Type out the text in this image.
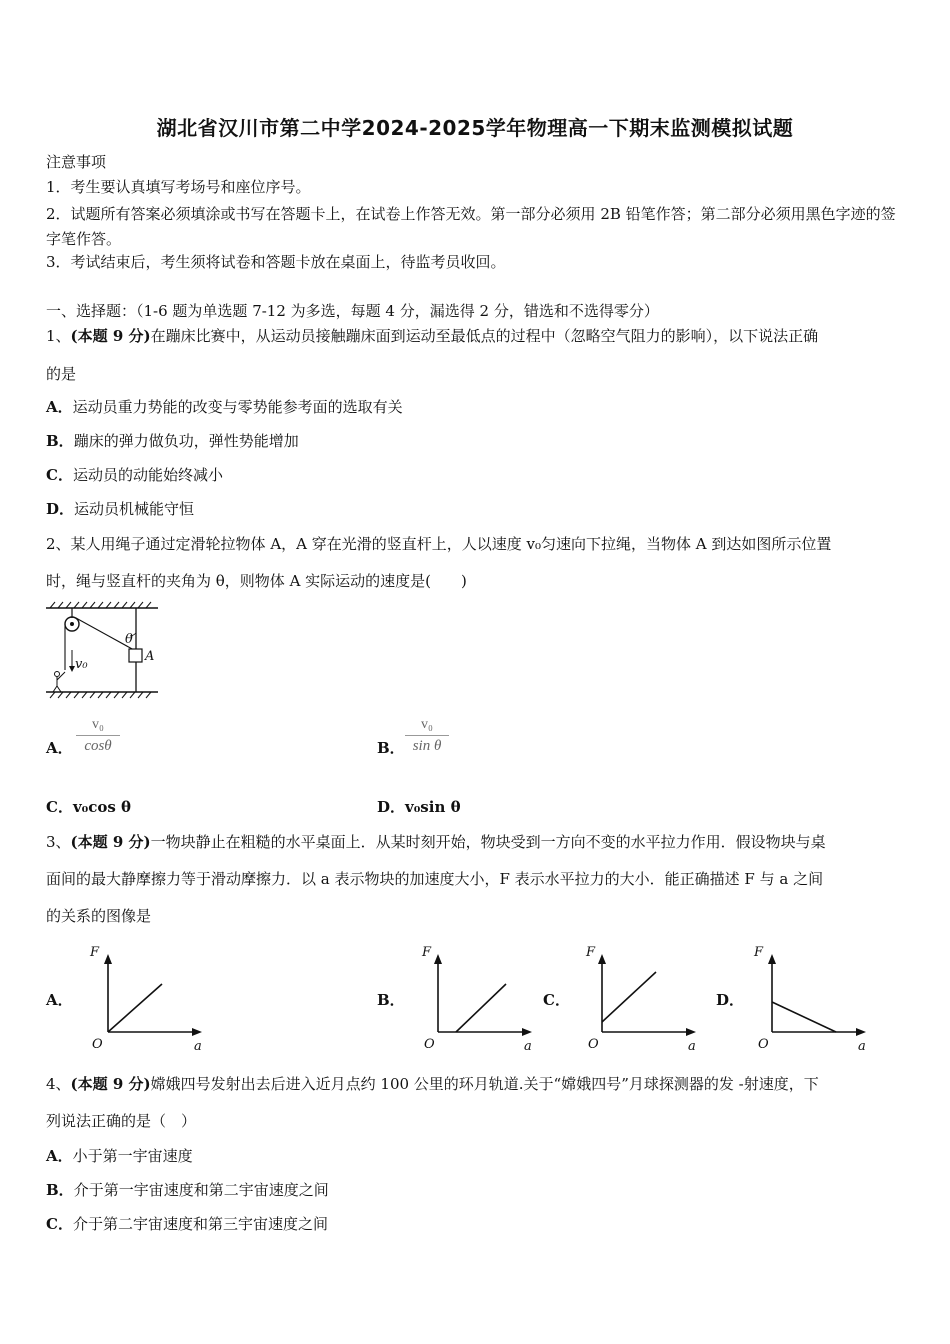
湖北省汉川市第二中学2024-2025学年物理高一下期末监测模拟试题
注意事项
1．考生要认真填写考场号和座位序号。
2．试题所有答案必须填涂或书写在答题卡上，在试卷上作答无效。第一部分必须用 2B 铅笔作答；第二部分必须用黑色字迹的签字笔作答。
3．考试结束后，考生须将试卷和答题卡放在桌面上，待监考员收回。
一、选择题：（1-6 题为单选题 7-12 为多选，每题 4 分，漏选得 2 分，错选和不选得零分）
1、(本题 9 分)在蹦床比赛中，从运动员接触蹦床面到运动至最低点的过程中（忽略空气阻力的影响），以下说法正确
的是
A．运动员重力势能的改变与零势能参考面的选取有关
B．蹦床的弹力做负功，弹性势能增加
C．运动员的动能始终减小
D．运动员机械能守恒
2、某人用绳子通过定滑轮拉物体 A，A 穿在光滑的竖直杆上，人以速度 v₀匀速向下拉绳，当物体 A 到达如图所示位置
时，绳与竖直杆的夹角为 θ，则物体 A 实际运动的速度是(　　)
A
θ
v₀
A． $\frac{\text{v₀}}{\cos\theta}$	B． $\frac{\text{v₀}}{\text{sin θ}}$
C．v₀cos θ	D．v₀sin θ
3、(本题 9 分)一物块静止在粗糙的水平桌面上．从某时刻开始，物块受到一方向不变的水平拉力作用．假设物块与桌
面间的最大静摩擦力等于滑动摩擦力．以 a 表示物块的加速度大小，F 表示水平拉力的大小．能正确描述 F 与 a 之间
的关系的图像是
A．
F
a
O
B．
F
a
O
C．
F
a
O
D．
F
a
O
4、(本题 9 分)嫦娥四号发射出去后进入近月点约 100 公里的环月轨道.关于“嫦娥四号”月球探测器的发 -射速度，下
列说法正确的是（　）
A．小于第一宇宙速度
B．介于第一宇宙速度和第二宇宙速度之间
C．介于第二宇宙速度和第三宇宙速度之间
